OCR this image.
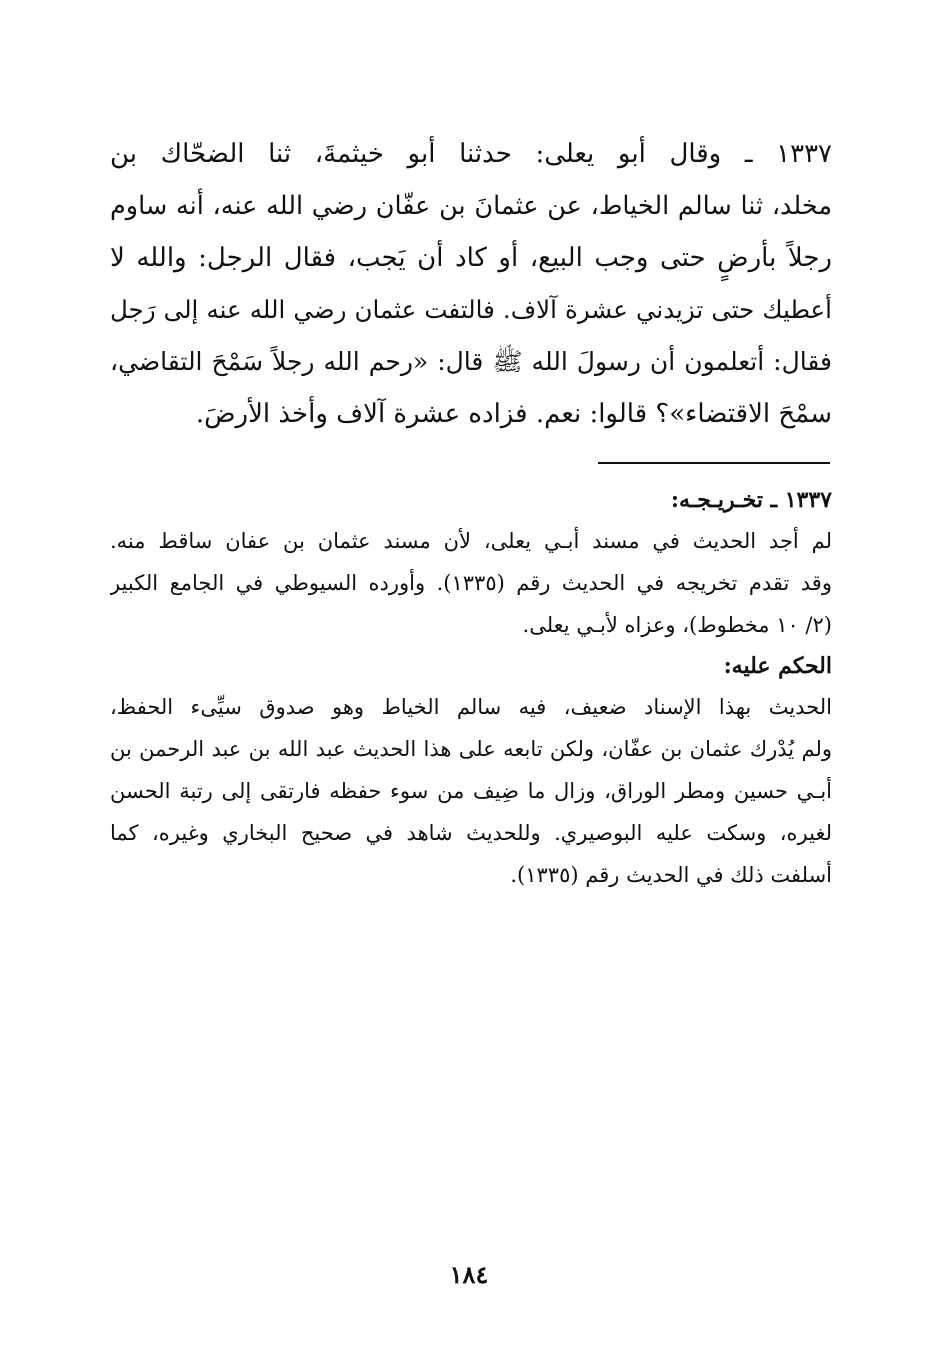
١٣٣٧ ـ وقال أبو يعلى: حدثنا أبو خيثمةَ، ثنا الضحّاك بن
مخلد، ثنا سالم الخياط، عن عثمانَ بن عفّان رضي الله عنه، أنه ساوم
رجلاً بأرضٍ حتى وجب البيع، أو كاد أن يَجب، فقال الرجل: والله لا
أعطيك حتى تزيدني عشرة آلاف. فالتفت عثمان رضي الله عنه إلى رَجل
فقال: أتعلمون أن رسولَ الله ﷺ قال: «رحم الله رجلاً سَمْحَ التقاضي،
سمْحَ الاقتضاء»؟ قالوا: نعم. فزاده عشرة آلاف وأخذ الأرضَ.
١٣٣٧ ـ تخـريـجـه:
لم أجد الحديث في مسند أبـي يعلى، لأن مسند عثمان بن عفان ساقط منه.
وقد تقدم تخريجه في الحديث رقم (١٣٣٥). وأورده السيوطي في الجامع الكبير
(٢/ ١٠ مخطوط)، وعزاه لأبـي يعلى.
الحكم عليه:
الحديث بهذا الإسناد ضعيف، فيه سالم الخياط وهو صدوق سيِّىء الحفظ،
ولم يُدْرك عثمان بن عفّان، ولكن تابعه على هذا الحديث عبد الله بن عبد الرحمن بن
أبـي حسين ومطر الوراق، وزال ما ضِيف من سوء حفظه فارتقى إلى رتبة الحسن
لغيره، وسكت عليه البوصيري. وللحديث شاهد في صحيح البخاري وغيره، كما
أسلفت ذلك في الحديث رقم (١٣٣٥).
١٨٤
